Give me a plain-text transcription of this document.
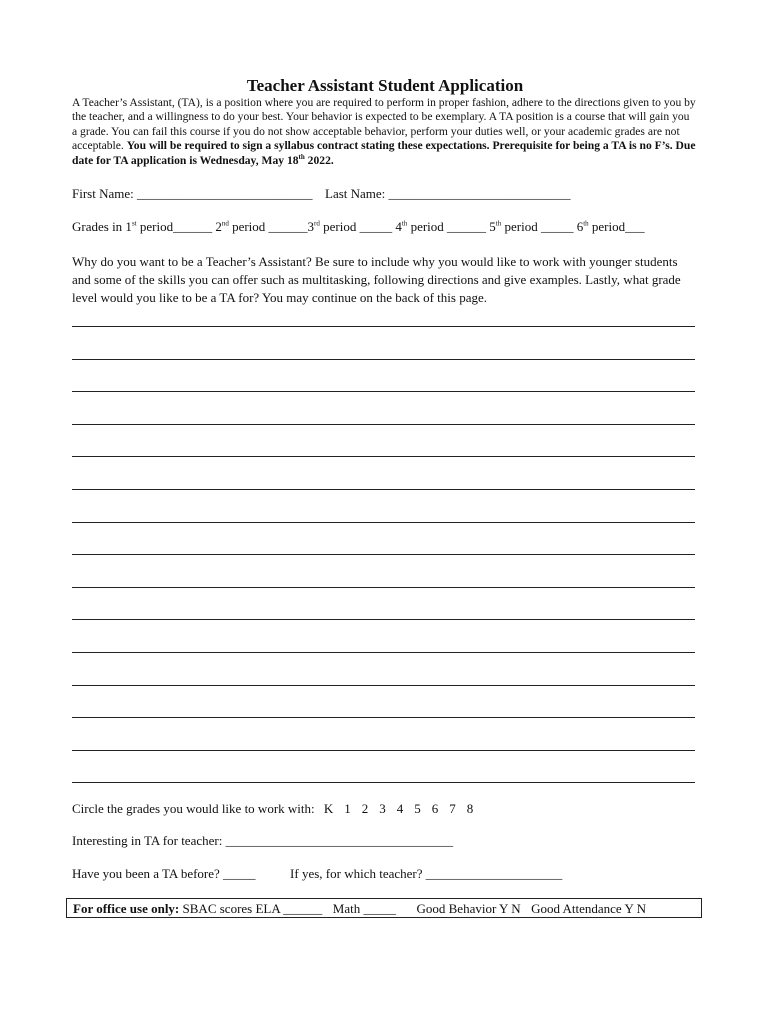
Teacher Assistant Student Application
A Teacher’s Assistant, (TA), is a position where you are required to perform in proper fashion, adhere to the directions given to you by the teacher, and a willingness to do your best. Your behavior is expected to be exemplary. A TA position is a course that will gain you a grade. You can fail this course if you do not show acceptable behavior, perform your duties well, or your academic grades are not acceptable. You will be required to sign a syllabus contract stating these expectations. Prerequisite for being a TA is no F’s. Due date for TA application is Wednesday, May 18th 2022.
First Name: ___________________________ Last Name: ____________________________
Grades in 1st period______ 2nd period ______3rd period _____ 4th period ______ 5th period _____ 6th period___
Why do you want to be a Teacher’s Assistant? Be sure to include why you would like to work with younger students and some of the skills you can offer such as multitasking, following directions and give examples. Lastly, what grade level would you like to be a TA for? You may continue on the back of this page.
Circle the grades you would like to work with: K 1 2 3 4 5 6 7 8
Interesting in TA for teacher: ___________________________________
Have you been a TA before? _____	If yes, for which teacher? _____________________
For office use only: SBAC scores ELA ______ Math _____ Good Behavior Y N Good Attendance Y N
